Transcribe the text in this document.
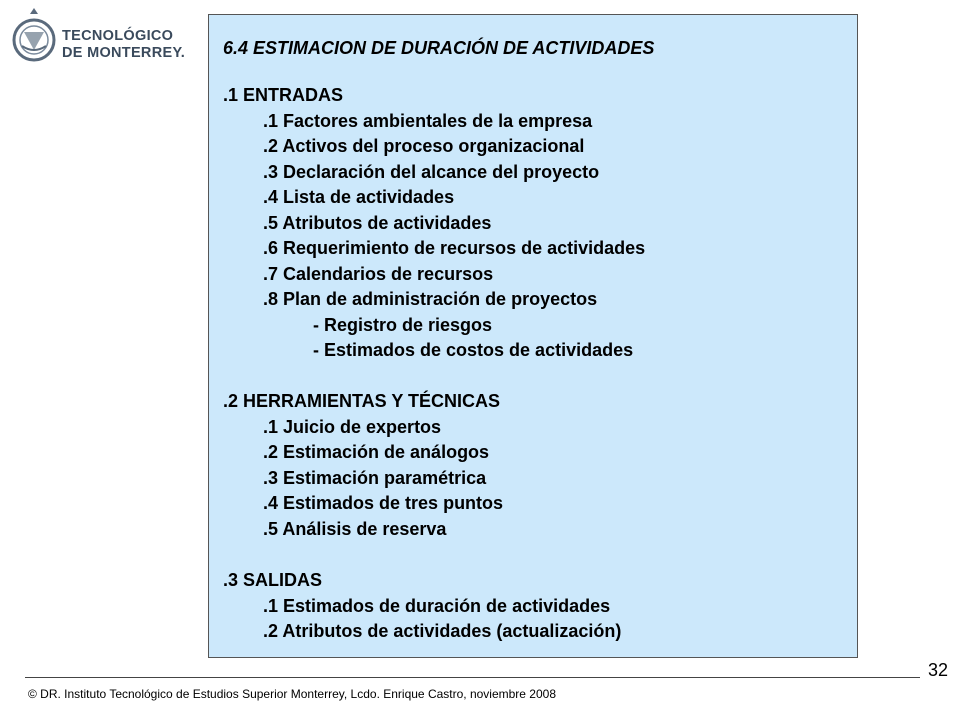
TECNOLÓGICO
DE MONTERREY. 6.4 ESTIMACION DE DURACIÓN DE ACTIVIDADES
.1 ENTRADAS
.1 Factores ambientales de la empresa
.2 Activos del proceso organizacional
.3 Declaración del alcance del proyecto
.4 Lista de actividades
.5 Atributos de actividades
.6 Requerimiento de recursos de actividades
.7 Calendarios de recursos
.8 Plan de administración de proyectos
- Registro de riesgos
- Estimados de costos de actividades
.2 HERRAMIENTAS Y TÉCNICAS
.1 Juicio de expertos
.2 Estimación de análogos
.3 Estimación paramétrica
.4 Estimados de tres puntos
.5 Análisis de reserva
.3 SALIDAS
.1 Estimados de duración de actividades
.2 Atributos de actividades (actualización)
32
© DR. Instituto Tecnológico de Estudios Superior Monterrey, Lcdo. Enrique Castro, noviembre 2008
